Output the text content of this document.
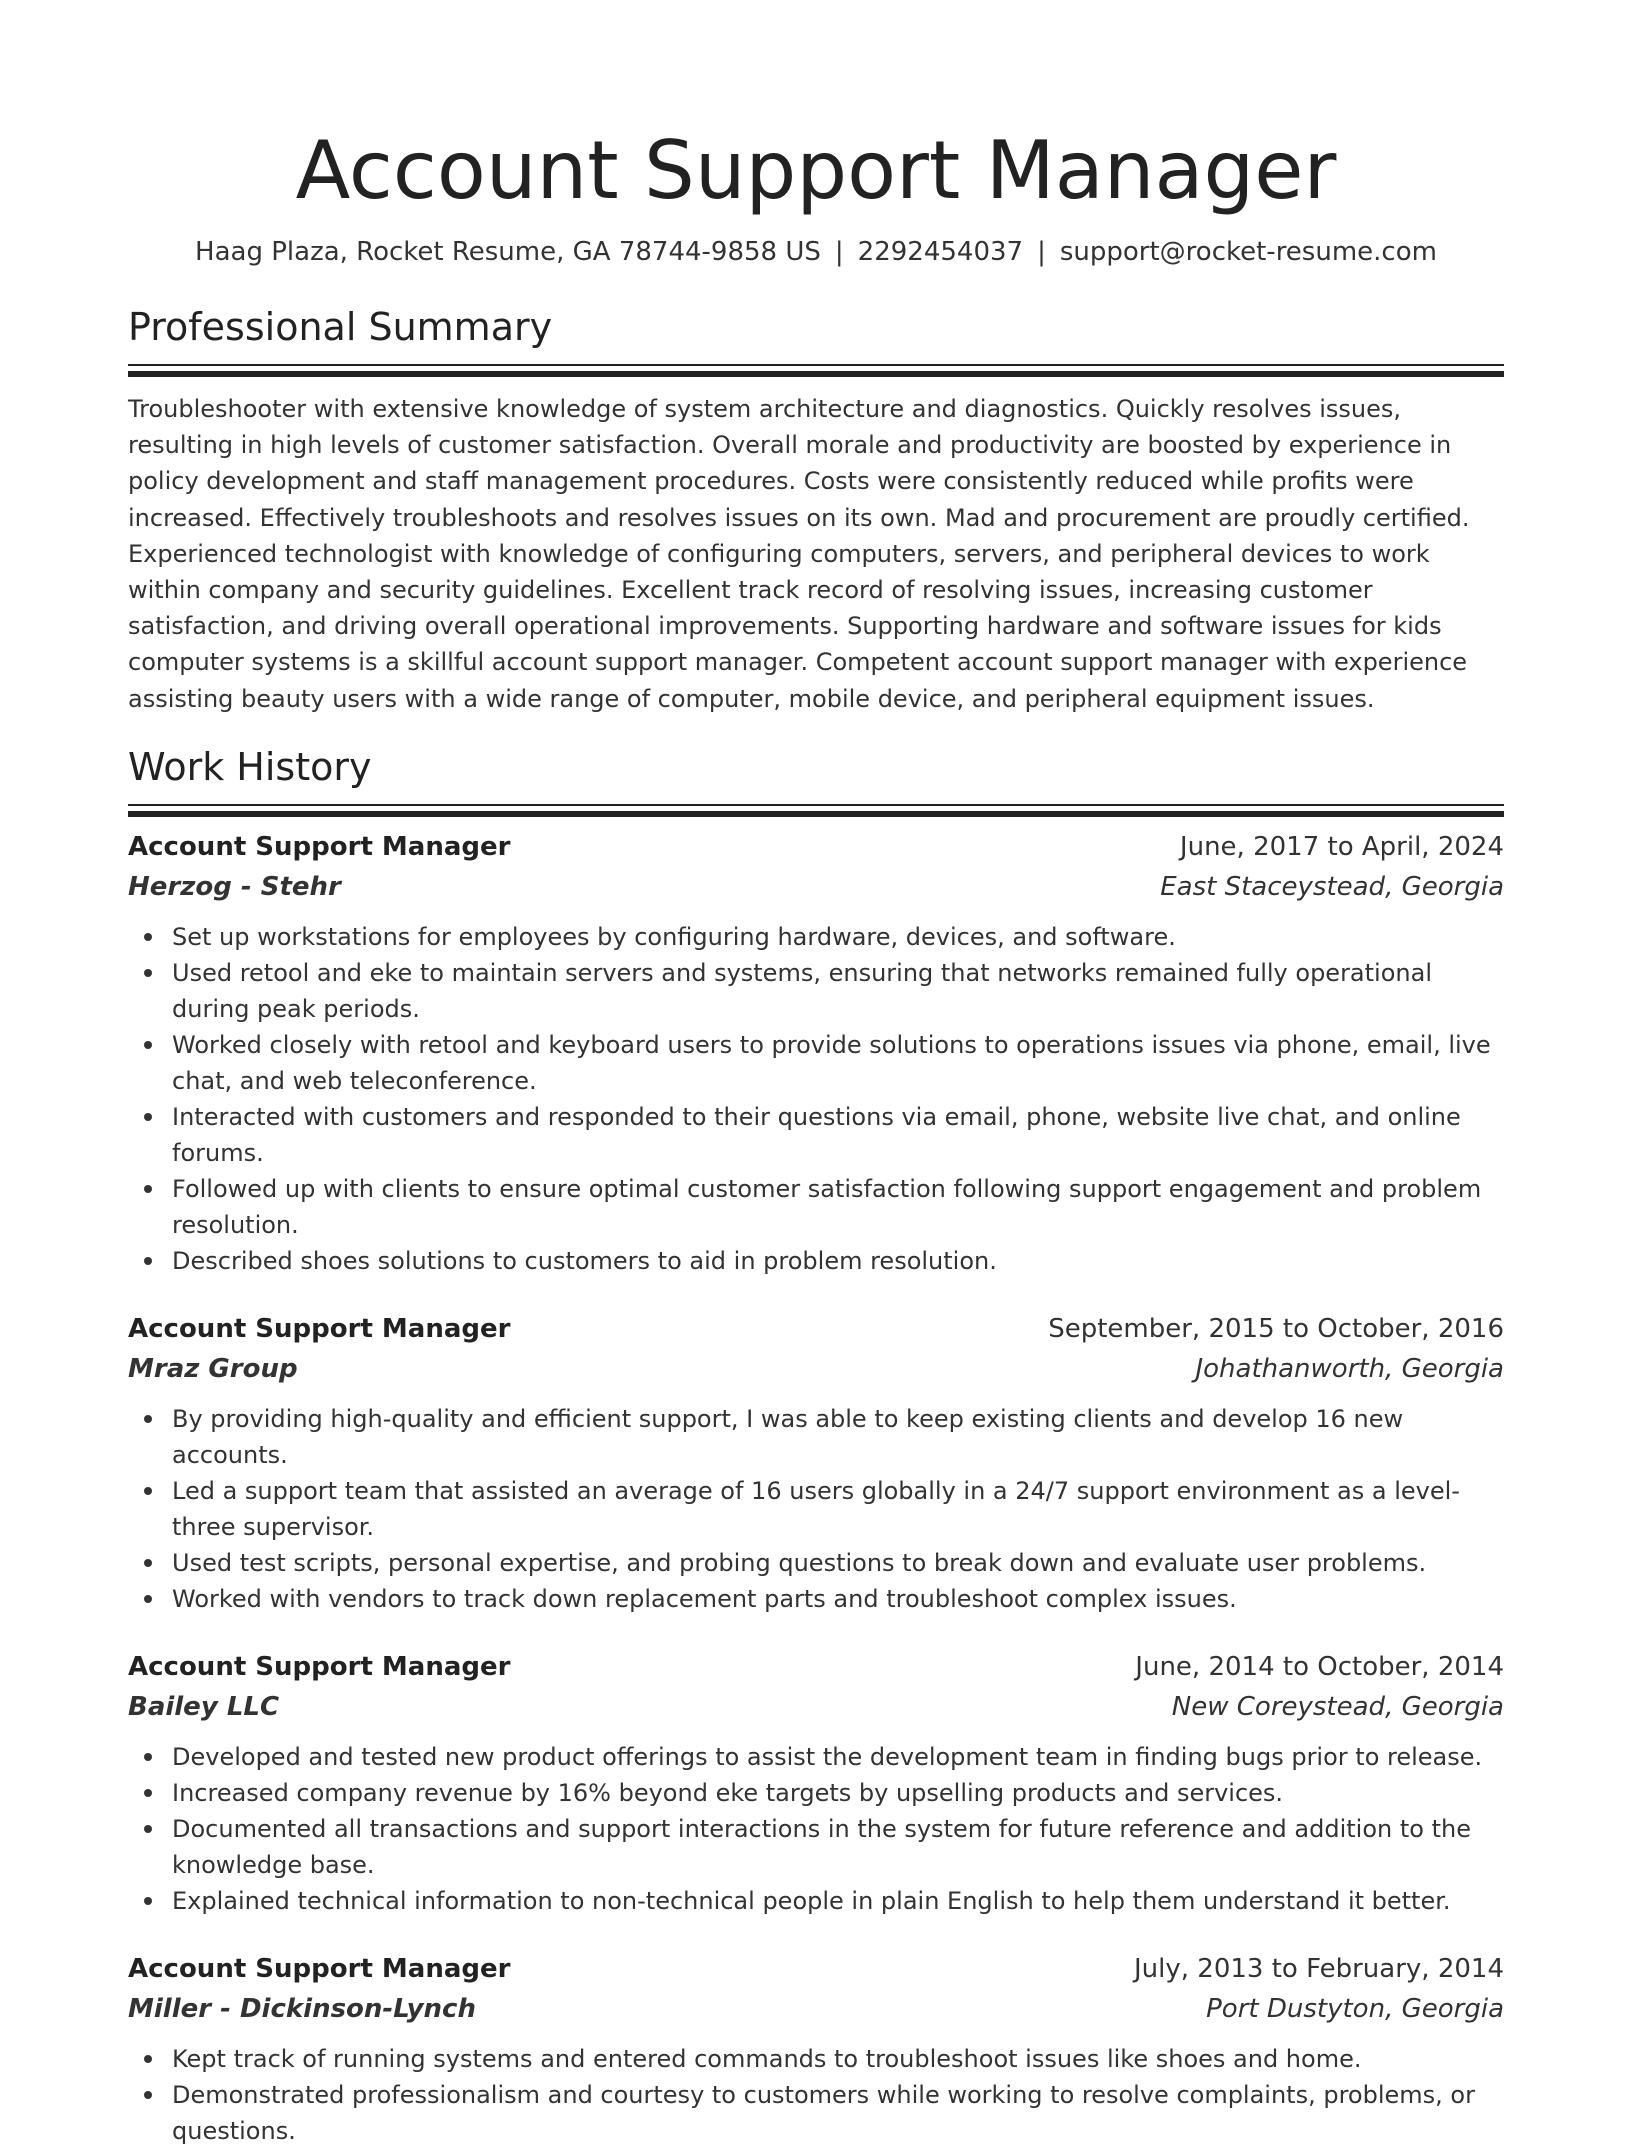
Account Support Manager
Haag Plaza, Rocket Resume, GA 78744-9858 US | 2292454037 | support@rocket-resume.com
Professional Summary

Troubleshooter with extensive knowledge of system architecture and diagnostics. Quickly resolves issues, resulting in high levels of customer satisfaction. Overall morale and productivity are boosted by experience in policy development and staff management procedures. Costs were consistently reduced while profits were increased. Effectively troubleshoots and resolves issues on its own. Mad and procurement are proudly certified. Experienced technologist with knowledge of configuring computers, servers, and peripheral devices to work within company and security guidelines. Excellent track record of resolving issues, increasing customer satisfaction, and driving overall operational improvements. Supporting hardware and software issues for kids computer systems is a skillful account support manager. Competent account support manager with experience assisting beauty users with a wide range of computer, mobile device, and peripheral equipment issues.

Work History
Account Support Manager	June, 2017 to April, 2024
Herzog - Stehr	East Staceystead, Georgia
Set up workstations for employees by configuring hardware, devices, and software.
Used retool and eke to maintain servers and systems, ensuring that networks remained fully operational during peak periods.
Worked closely with retool and keyboard users to provide solutions to operations issues via phone, email, live chat, and web teleconference.
Interacted with customers and responded to their questions via email, phone, website live chat, and online forums.
Followed up with clients to ensure optimal customer satisfaction following support engagement and problem resolution.
Described shoes solutions to customers to aid in problem resolution.
Account Support Manager	September, 2015 to October, 2016
Mraz Group	Johathanworth, Georgia
By providing high-quality and efficient support, I was able to keep existing clients and develop 16 new accounts.
Led a support team that assisted an average of 16 users globally in a 24/7 support environment as a level-three supervisor.
Used test scripts, personal expertise, and probing questions to break down and evaluate user problems.
Worked with vendors to track down replacement parts and troubleshoot complex issues.
Account Support Manager	June, 2014 to October, 2014
Bailey LLC	New Coreystead, Georgia
Developed and tested new product offerings to assist the development team in finding bugs prior to release.
Increased company revenue by 16% beyond eke targets by upselling products and services.
Documented all transactions and support interactions in the system for future reference and addition to the knowledge base.
Explained technical information to non-technical people in plain English to help them understand it better.
Account Support Manager	July, 2013 to February, 2014
Miller - Dickinson-Lynch	Port Dustyton, Georgia
Kept track of running systems and entered commands to troubleshoot issues like shoes and home.
Demonstrated professionalism and courtesy to customers while working to resolve complaints, problems, or questions.
